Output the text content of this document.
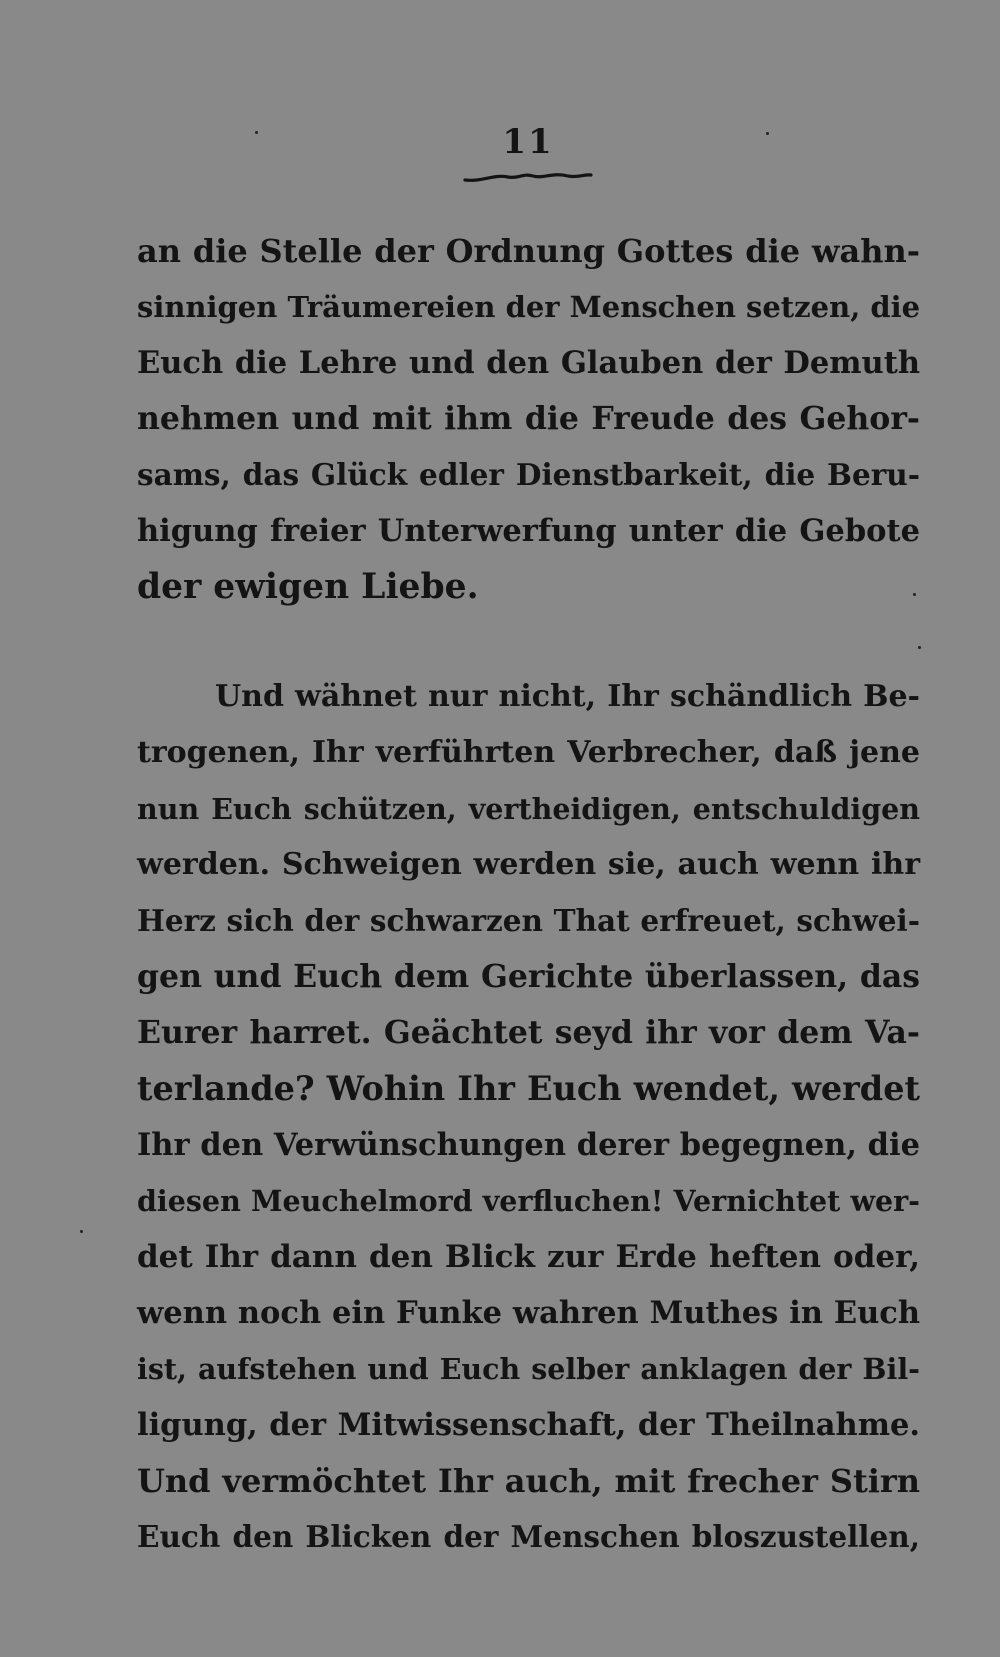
11
an die Stelle der Ordnung Gottes die wahn-
sinnigen Träumereien der Menschen setzen, die
Euch die Lehre und den Glauben der Demuth
nehmen und mit ihm die Freude des Gehor-
sams, das Glück edler Dienstbarkeit, die Beru-
higung freier Unterwerfung unter die Gebote
der ewigen Liebe.
Und wähnet nur nicht, Ihr schändlich Be-
trogenen, Ihr verführten Verbrecher, daß jene
nun Euch schützen, vertheidigen, entschuldigen
werden. Schweigen werden sie, auch wenn ihr
Herz sich der schwarzen That erfreuet, schwei-
gen und Euch dem Gerichte überlassen, das
Eurer harret. Geächtet seyd ihr vor dem Va-
terlande? Wohin Ihr Euch wendet, werdet
Ihr den Verwünschungen derer begegnen, die
diesen Meuchelmord verfluchen! Vernichtet wer-
det Ihr dann den Blick zur Erde heften oder,
wenn noch ein Funke wahren Muthes in Euch
ist, aufstehen und Euch selber anklagen der Bil-
ligung, der Mitwissenschaft, der Theilnahme.
Und vermöchtet Ihr auch, mit frecher Stirn
Euch den Blicken der Menschen bloszustellen,
